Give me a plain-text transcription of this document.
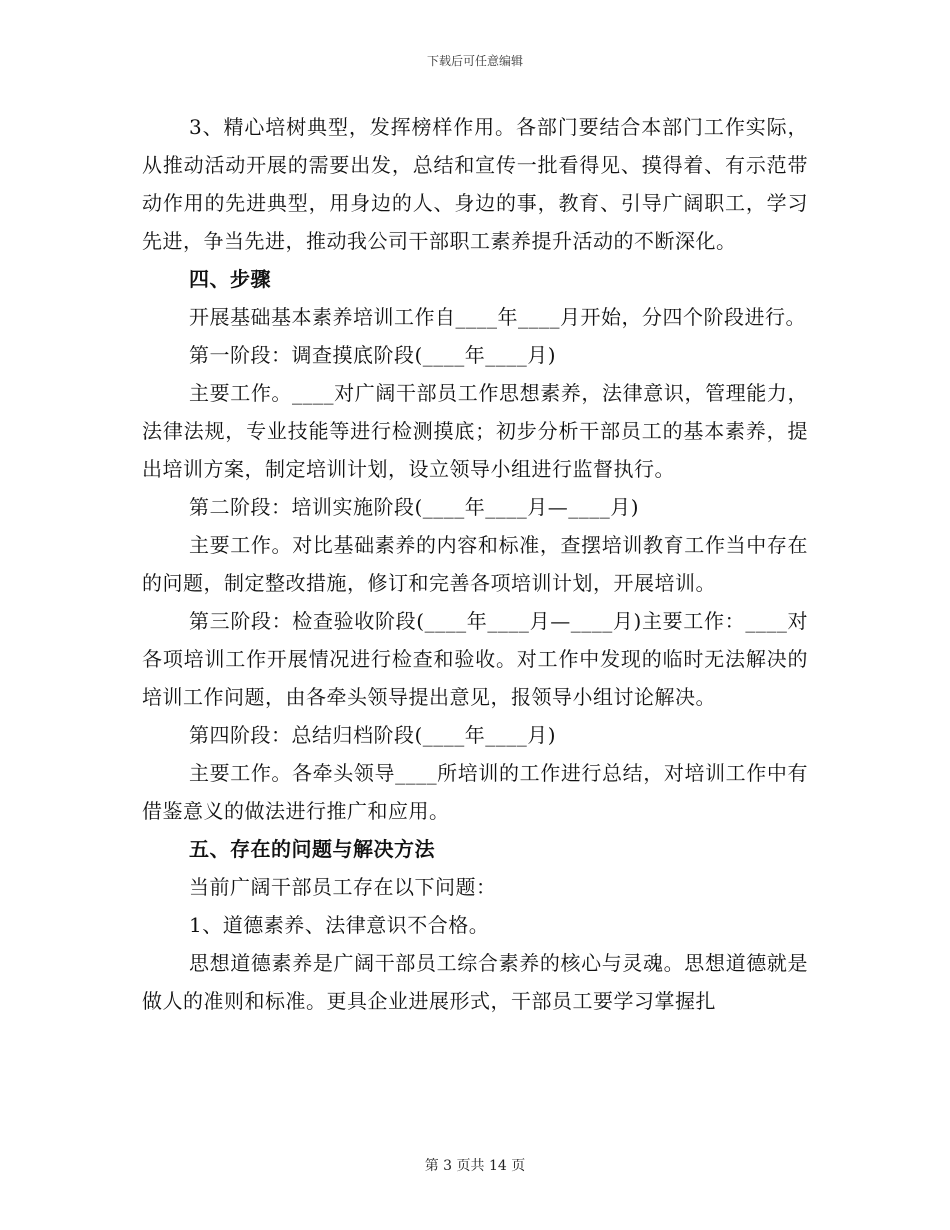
下载后可任意编辑

3、精心培树典型，发挥榜样作用。各部门要结合本部门工作实际，从推动活动开展的需要出发，总结和宣传一批看得见、摸得着、有示范带动作用的先进典型，用身边的人、身边的事，教育、引导广阔职工，学习先进，争当先进，推动我公司干部职工素养提升活动的不断深化。

四、步骤

开展基础基本素养培训工作自____年____月开始，分四个阶段进行。

第一阶段：调查摸底阶段(____年____月)

主要工作。____对广阔干部员工作思想素养，法律意识，管理能力，法律法规，专业技能等进行检测摸底；初步分析干部员工的基本素养，提出培训方案，制定培训计划，设立领导小组进行监督执行。

第二阶段：培训实施阶段(____年____月—____月)

主要工作。对比基础素养的内容和标准，查摆培训教育工作当中存在的问题，制定整改措施，修订和完善各项培训计划，开展培训。

第三阶段：检查验收阶段(____年____月—____月)主要工作：____对各项培训工作开展情况进行检查和验收。对工作中发现的临时无法解决的培训工作问题，由各牵头领导提出意见，报领导小组讨论解决。

第四阶段：总结归档阶段(____年____月)

主要工作。各牵头领导____所培训的工作进行总结，对培训工作中有借鉴意义的做法进行推广和应用。

五、存在的问题与解决方法

当前广阔干部员工存在以下问题：

1、道德素养、法律意识不合格。

思想道德素养是广阔干部员工综合素养的核心与灵魂。思想道德就是做人的准则和标准。更具企业进展形式，干部员工要学习掌握扎

第 3 页共 14 页
